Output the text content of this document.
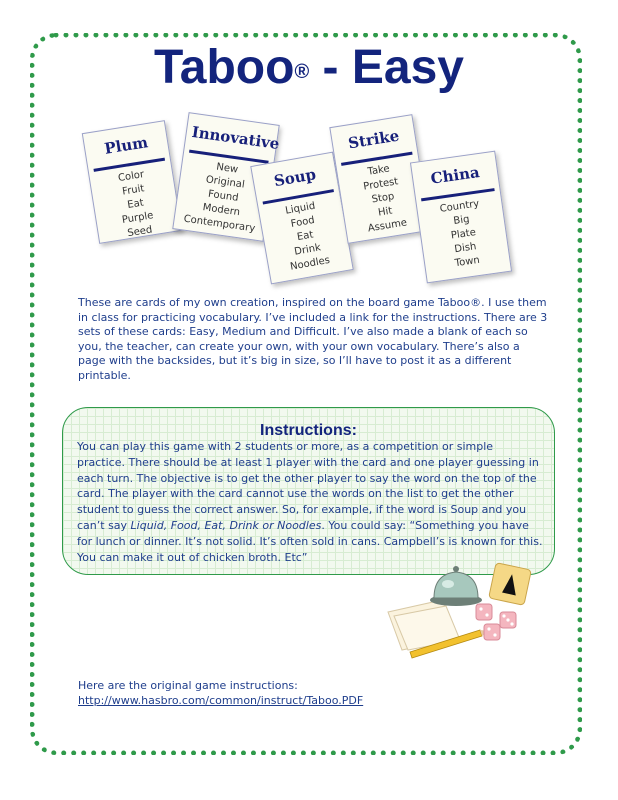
Taboo® - Easy
Plum
Color
Fruit
Eat
Purple
Seed
Innovative
New
Original
Found
Modern
Contemporary
Soup
Liquid
Food
Eat
Drink
Noodles
Strike
Take
Protest
Stop
Hit
Assume
China
Country
Big
Plate
Dish
Town
These are cards of my own creation, inspired on the board game Taboo®. I use them in class for practicing vocabulary. I’ve included a link for the instructions. There are 3 sets of these cards: Easy, Medium and Difficult. I’ve also made a blank of each so you, the teacher, can create your own, with your own vocabulary. There’s also a page with the backsides, but it’s big in size, so I’ll have to post it as a different printable.
Instructions:
You can play this game with 2 students or more, as a competition or simple practice. There should be at least 1 player with the card and one player guessing in each turn. The objective is to get the other player to say the word on the top of the card. The player with the card cannot use the words on the list to get the other student to guess the correct answer. So, for example, if the word is Soup and you can’t say Liquid, Food, Eat, Drink or Noodles. You could say: “Something you have for lunch or dinner. It’s not solid. It’s often sold in cans. Campbell’s is known for this. You can make it out of chicken broth. Etc”
Here are the original game instructions:
http://www.hasbro.com/common/instruct/Taboo.PDF
